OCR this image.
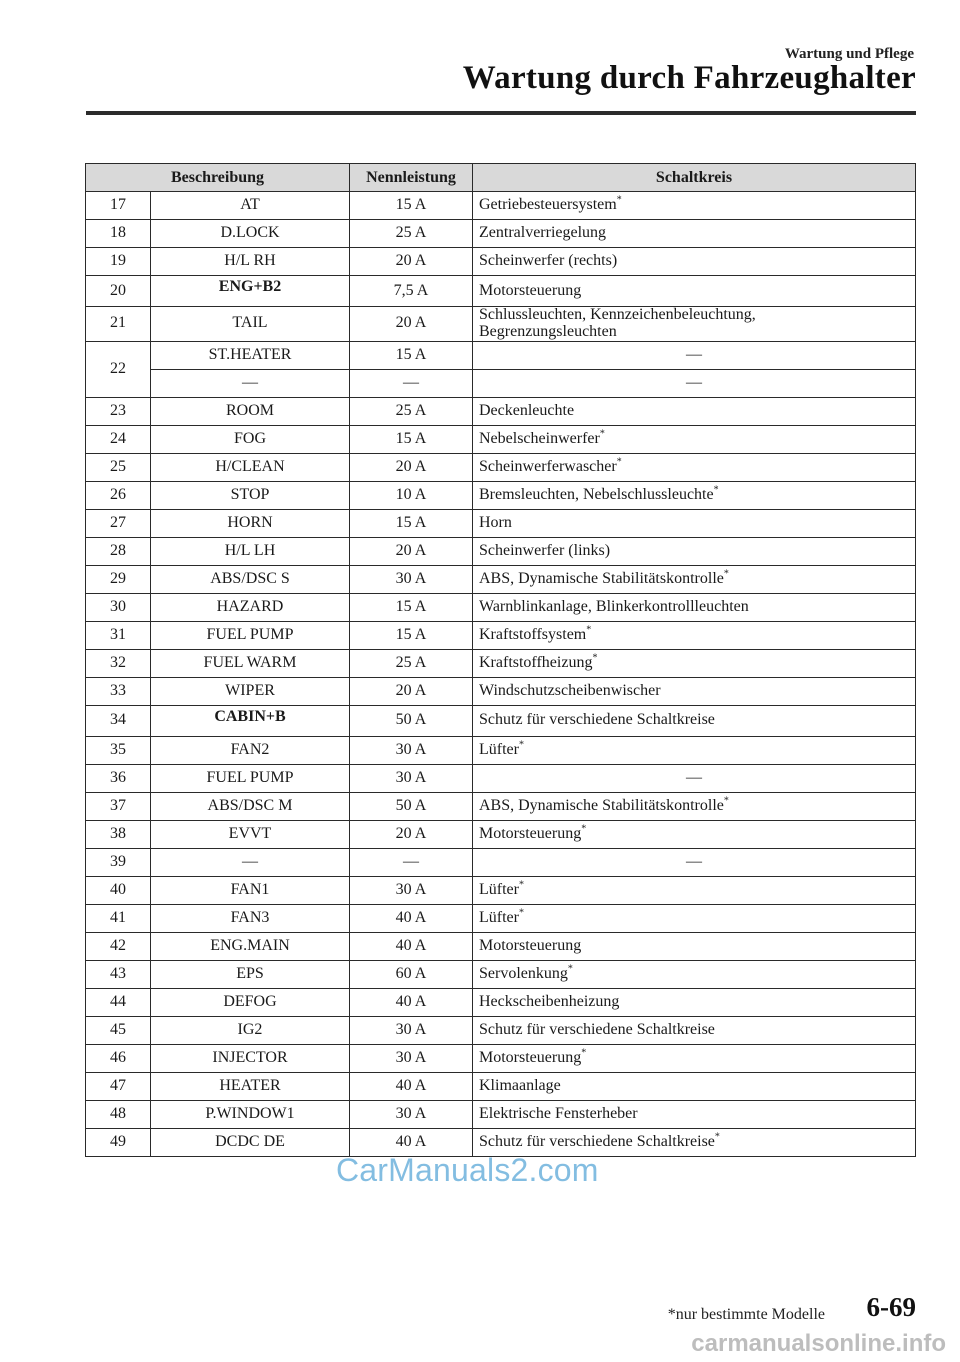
Wartung und Pflege
Wartung durch Fahrzeughalter
Beschreibung		Nennleistung	Schaltkreis
17	AT	15 A	Getriebesteuersystem*
18	D.LOCK	25 A	Zentralverriegelung
19	H/L RH	20 A	Scheinwerfer (rechts)
20	ENG+B2	7,5 A	Motorsteuerung
21	TAIL	20 A	Schlussleuchten, Kennzeichenbeleuchtung,
Begrenzungsleuchten
22	ST.HEATER	15 A	—
	—	—	—
23	ROOM	25 A	Deckenleuchte
24	FOG	15 A	Nebelscheinwerfer*
25	H/CLEAN	20 A	Scheinwerferwascher*
26	STOP	10 A	Bremsleuchten, Nebelschlussleuchte*
27	HORN	15 A	Horn
28	H/L LH	20 A	Scheinwerfer (links)
29	ABS/DSC S	30 A	ABS, Dynamische Stabilitätskontrolle*
30	HAZARD	15 A	Warnblinkanlage, Blinkerkontrollleuchten
31	FUEL PUMP	15 A	Kraftstoffsystem*
32	FUEL WARM	25 A	Kraftstoffheizung*
33	WIPER	20 A	Windschutzscheibenwischer
34	CABIN+B	50 A	Schutz für verschiedene Schaltkreise
35	FAN2	30 A	Lüfter*
36	FUEL PUMP	30 A	—
37	ABS/DSC M	50 A	ABS, Dynamische Stabilitätskontrolle*
38	EVVT	20 A	Motorsteuerung*
39	—	—	—
40	FAN1	30 A	Lüfter*
41	FAN3	40 A	Lüfter*
42	ENG.MAIN	40 A	Motorsteuerung
43	EPS	60 A	Servolenkung*
44	DEFOG	40 A	Heckscheibenheizung
45	IG2	30 A	Schutz für verschiedene Schaltkreise
46	INJECTOR	30 A	Motorsteuerung*
47	HEATER	40 A	Klimaanlage
48	P.WINDOW1	30 A	Elektrische Fensterheber
49	DCDC DE	40 A	Schutz für verschiedene Schaltkreise*
CarManuals2.com
*nur bestimmte Modelle 6-69
carmanualsonline.info
